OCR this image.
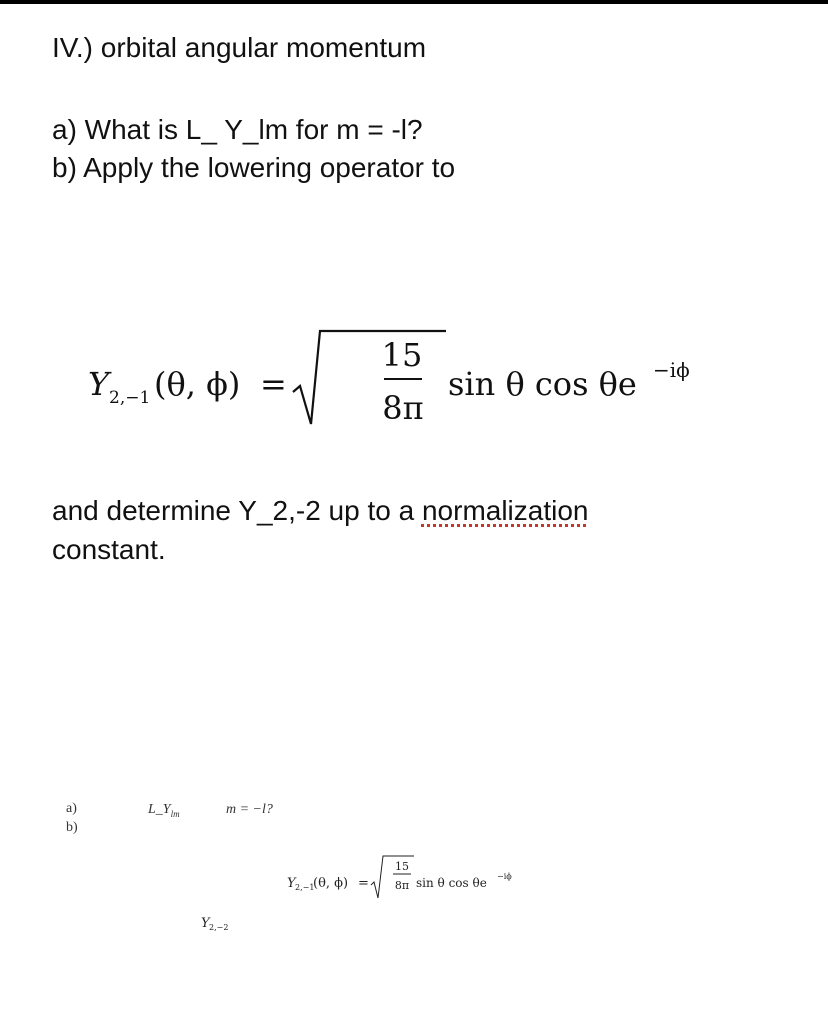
IV.) orbital angular momentum

a) What is L_ Y_lm for m = -l?

b) Apply the lowering operator to

Y 2,−1 (θ, ϕ) =
15
8π
sin θ cos θe −iϕ

and determine Y_2,-2 up to a normalization

constant.

a)
b)
$L\_Y_{lm}$	m = −l?
Y 2,−1
(θ, ϕ) =
15
8π sin θ cos θe −iϕ
Y 2,−2
